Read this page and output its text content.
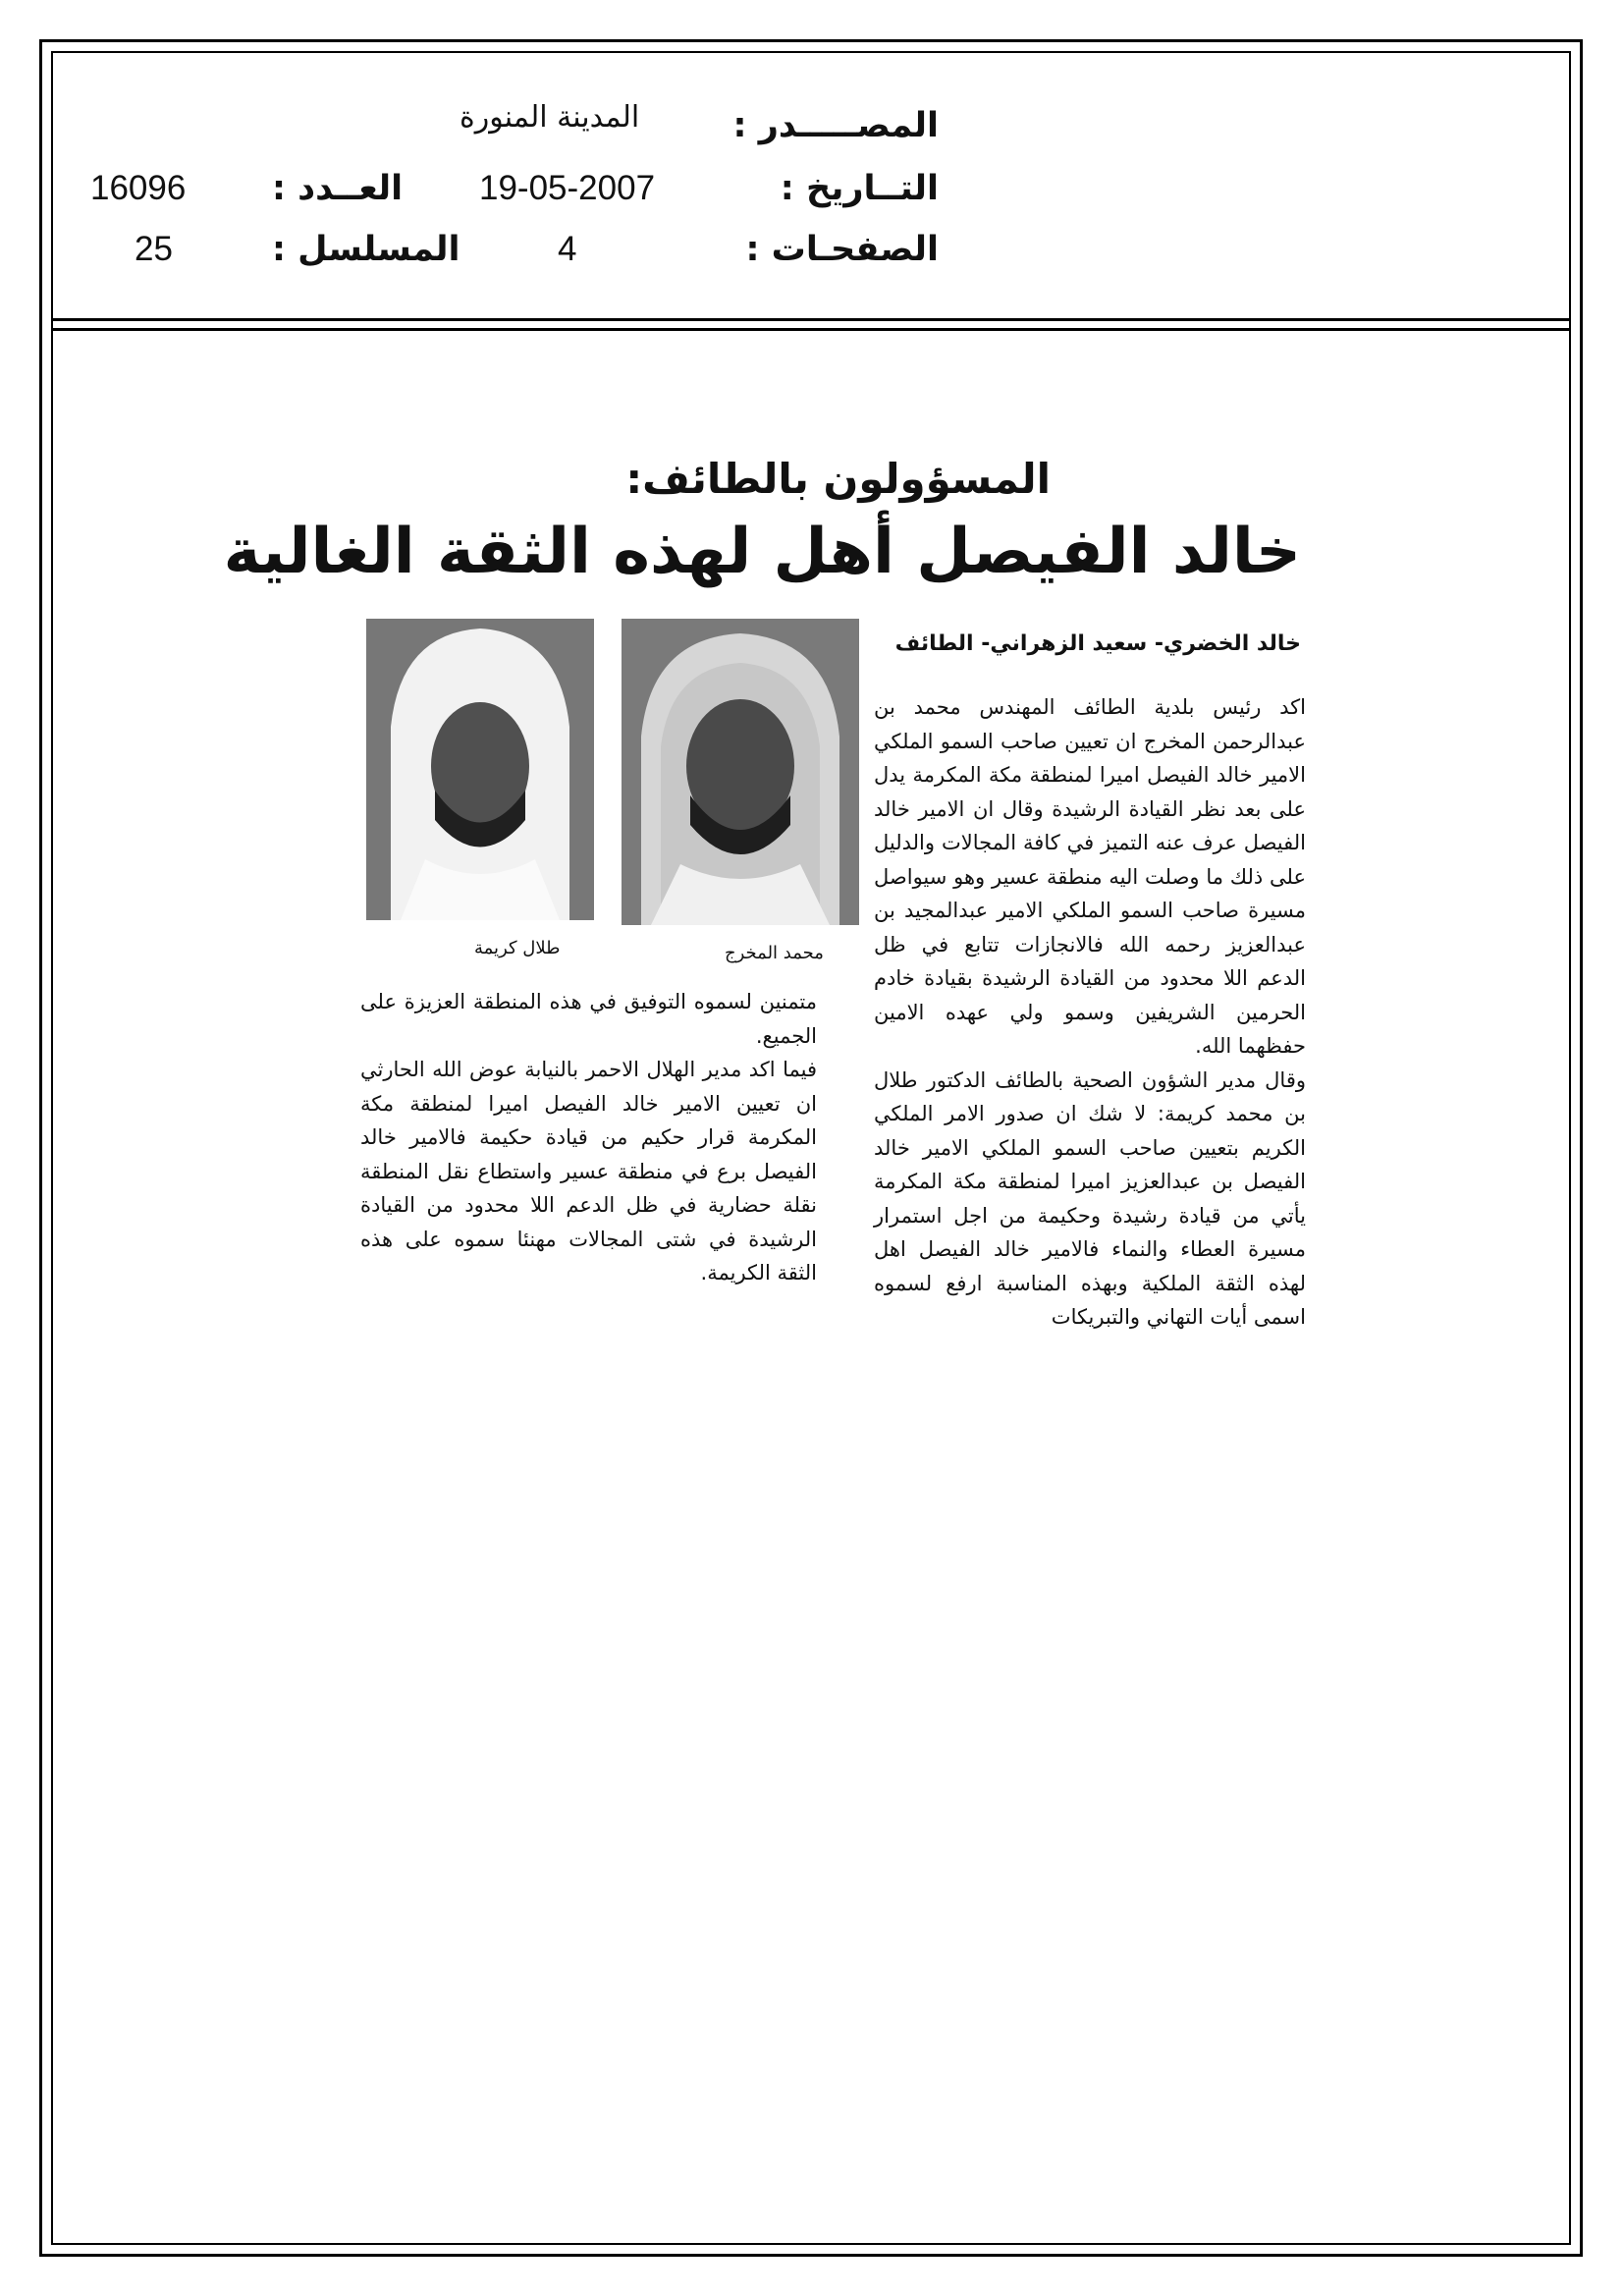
المصـــــدر :
التــاريخ :
الصفحـات :
المدينة المنورة
19-05-2007
4
العــدد :
المسلسل :
16096
25
المسؤولون بالطائف:
خالد الفيصل أهل لهذه الثقة الغالية
خالد الخضري- سعيد الزهراني- الطائف

اكد رئيس بلدية الطائف المهندس محمد بن عبدالرحمن المخرج ان تعيين صاحب السمو الملكي الامير خالد الفيصل اميرا لمنطقة مكة المكرمة يدل على بعد نظر القيادة الرشيدة وقال ان الامير خالد الفيصل عرف عنه التميز في كافة المجالات والدليل على ذلك ما وصلت اليه منطقة عسير وهو سيواصل مسيرة صاحب السمو الملكي الامير عبدالمجيد بن عبدالعزيز رحمه الله فالانجازات تتابع في ظل الدعم اللا محدود من القيادة الرشيدة بقيادة خادم الحرمين الشريفين وسمو ولي عهده الامين حفظهما الله.

وقال مدير الشؤون الصحية بالطائف الدكتور طلال بن محمد كريمة: لا شك ان صدور الامر الملكي الكريم بتعيين صاحب السمو الملكي الامير خالد الفيصل بن عبدالعزيز اميرا لمنطقة مكة المكرمة يأتي من قيادة رشيدة وحكيمة من اجل استمرار مسيرة العطاء والنماء فالامير خالد الفيصل اهل لهذه الثقة الملكية وبهذه المناسبة ارفع لسموه اسمى أيات التهاني والتبريكات

محمد المخرج
طلال كريمة

متمنين لسموه التوفيق في هذه المنطقة العزيزة على الجميع.

فيما اكد مدير الهلال الاحمر بالنيابة عوض الله الحارثي ان تعيين الامير خالد الفيصل اميرا لمنطقة مكة المكرمة قرار حكيم من قيادة حكيمة فالامير خالد الفيصل برع في منطقة عسير واستطاع نقل المنطقة نقلة حضارية في ظل الدعم اللا محدود من القيادة الرشيدة في شتى المجالات مهنئا سموه على هذه الثقة الكريمة.
